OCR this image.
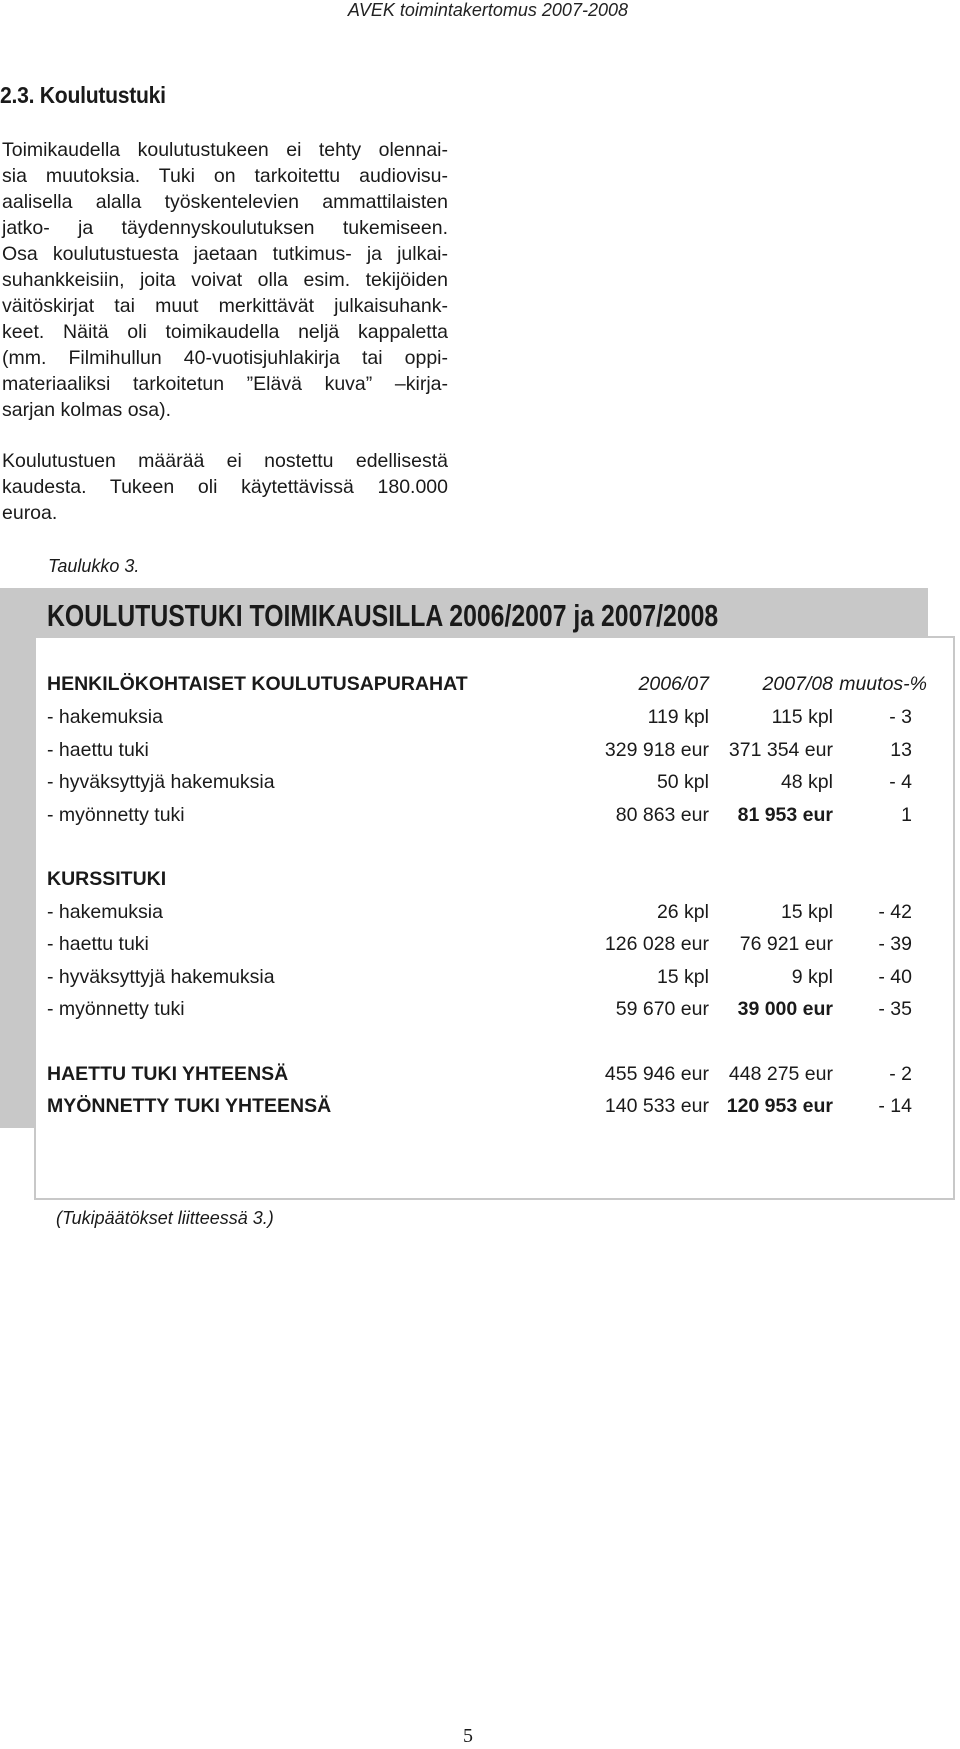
AVEK toimintakertomus 2007-2008
2.3. Koulutustuki
Toimikaudella koulutustukeen ei tehty olennai-
sia muutoksia. Tuki on tarkoitettu audiovisu-
aalisella alalla työskentelevien ammattilaisten
jatko- ja täydennyskoulutuksen tukemiseen.
Osa koulutustuesta jaetaan tutkimus- ja julkai-
suhankkeisiin, joita voivat olla esim. tekijöiden
väitöskirjat tai muut merkittävät julkaisuhank-
keet. Näitä oli toimikaudella neljä kappaletta
(mm. Filmihullun 40-vuotisjuhlakirja tai oppi-
materiaaliksi tarkoitetun ”Elävä kuva” –kirja-
sarjan kolmas osa).
Koulutustuen määrää ei nostettu edellisestä
kaudesta. Tukeen oli käytettävissä 180.000
euroa.
Taulukko 3.
KOULUTUSTUKI TOIMIKAUSILLA 2006/2007 ja 2007/2008
HENKILÖKOHTAISET KOULUTUSAPURAHAT	2006/07	2007/08 muutos-%
- hakemuksia	119 kpl	115 kpl	- 3
- haettu tuki	329 918 eur 371 354 eur	13
- hyväksyttyjä hakemuksia	50 kpl	48 kpl	- 4
- myönnetty tuki	80 863 eur 81 953 eur	1
KURSSITUKI
- hakemuksia	26 kpl	15 kpl - 42
- haettu tuki	126 028 eur 76 921 eur - 39
- hyväksyttyjä hakemuksia	15 kpl	9 kpl - 40
- myönnetty tuki	59 670 eur 39 000 eur - 35
HAETTU TUKI YHTEENSÄ	455 946 eur 448 275 eur	- 2
MYÖNNETTY TUKI YHTEENSÄ	140 533 eur 120 953 eur - 14
(Tukipäätökset liitteessä 3.)
5
